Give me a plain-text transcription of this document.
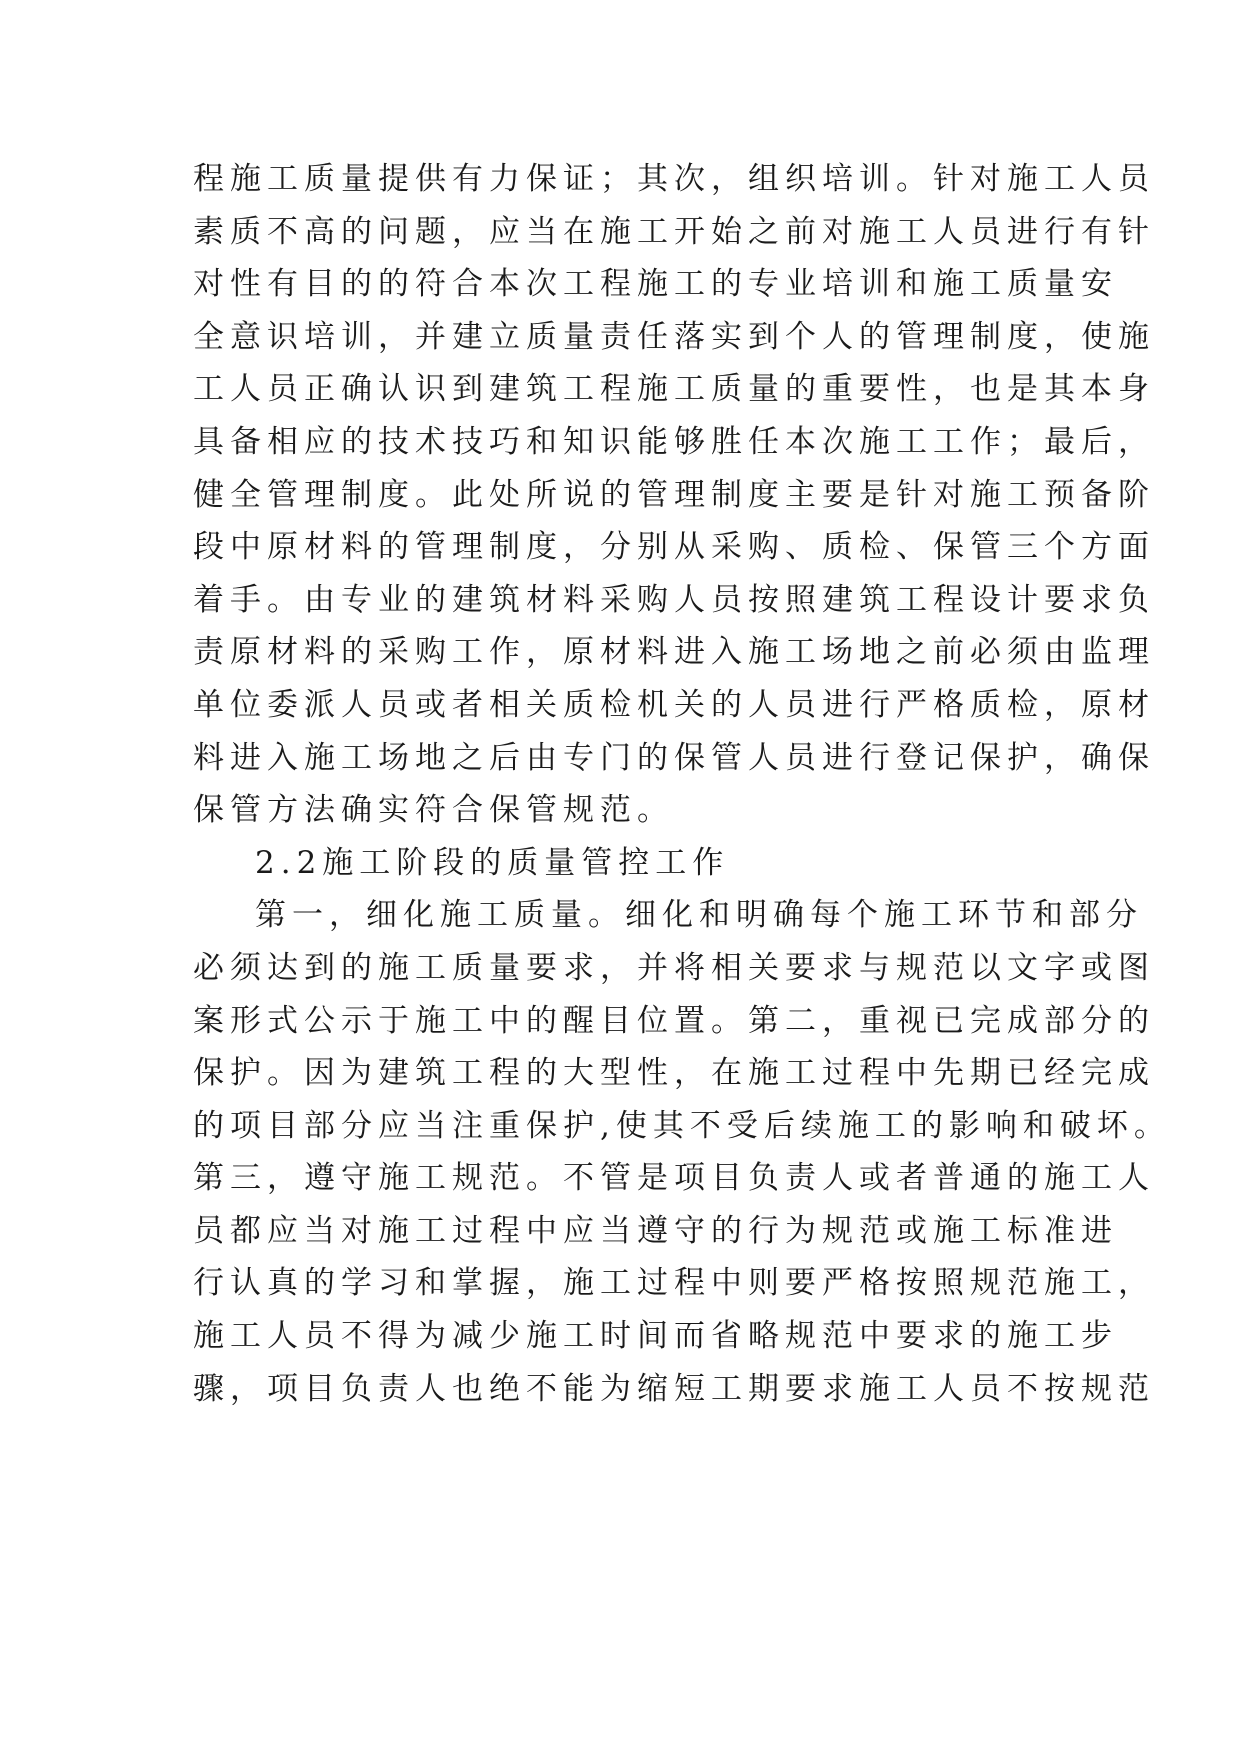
程施工质量提供有力保证；其次，组织培训。针对施工人员
素质不高的问题，应当在施工开始之前对施工人员进行有针
对性有目的的符合本次工程施工的专业培训和施工质量安
全意识培训，并建立质量责任落实到个人的管理制度，使施
工人员正确认识到建筑工程施工质量的重要性，也是其本身
具备相应的技术技巧和知识能够胜任本次施工工作；最后，
健全管理制度。此处所说的管理制度主要是针对施工预备阶
段中原材料的管理制度，分别从采购、质检、保管三个方面
着手。由专业的建筑材料采购人员按照建筑工程设计要求负
责原材料的采购工作，原材料进入施工场地之前必须由监理
单位委派人员或者相关质检机关的人员进行严格质检，原材
料进入施工场地之后由专门的保管人员进行登记保护，确保
保管方法确实符合保管规范。
2.2施工阶段的质量管控工作
第一，细化施工质量。细化和明确每个施工环节和部分
必须达到的施工质量要求，并将相关要求与规范以文字或图
案形式公示于施工中的醒目位置。第二，重视已完成部分的
保护。因为建筑工程的大型性，在施工过程中先期已经完成
的项目部分应当注重保护,使其不受后续施工的影响和破坏。
第三，遵守施工规范。不管是项目负责人或者普通的施工人
员都应当对施工过程中应当遵守的行为规范或施工标准进
行认真的学习和掌握，施工过程中则要严格按照规范施工，
施工人员不得为减少施工时间而省略规范中要求的施工步
骤，项目负责人也绝不能为缩短工期要求施工人员不按规范
